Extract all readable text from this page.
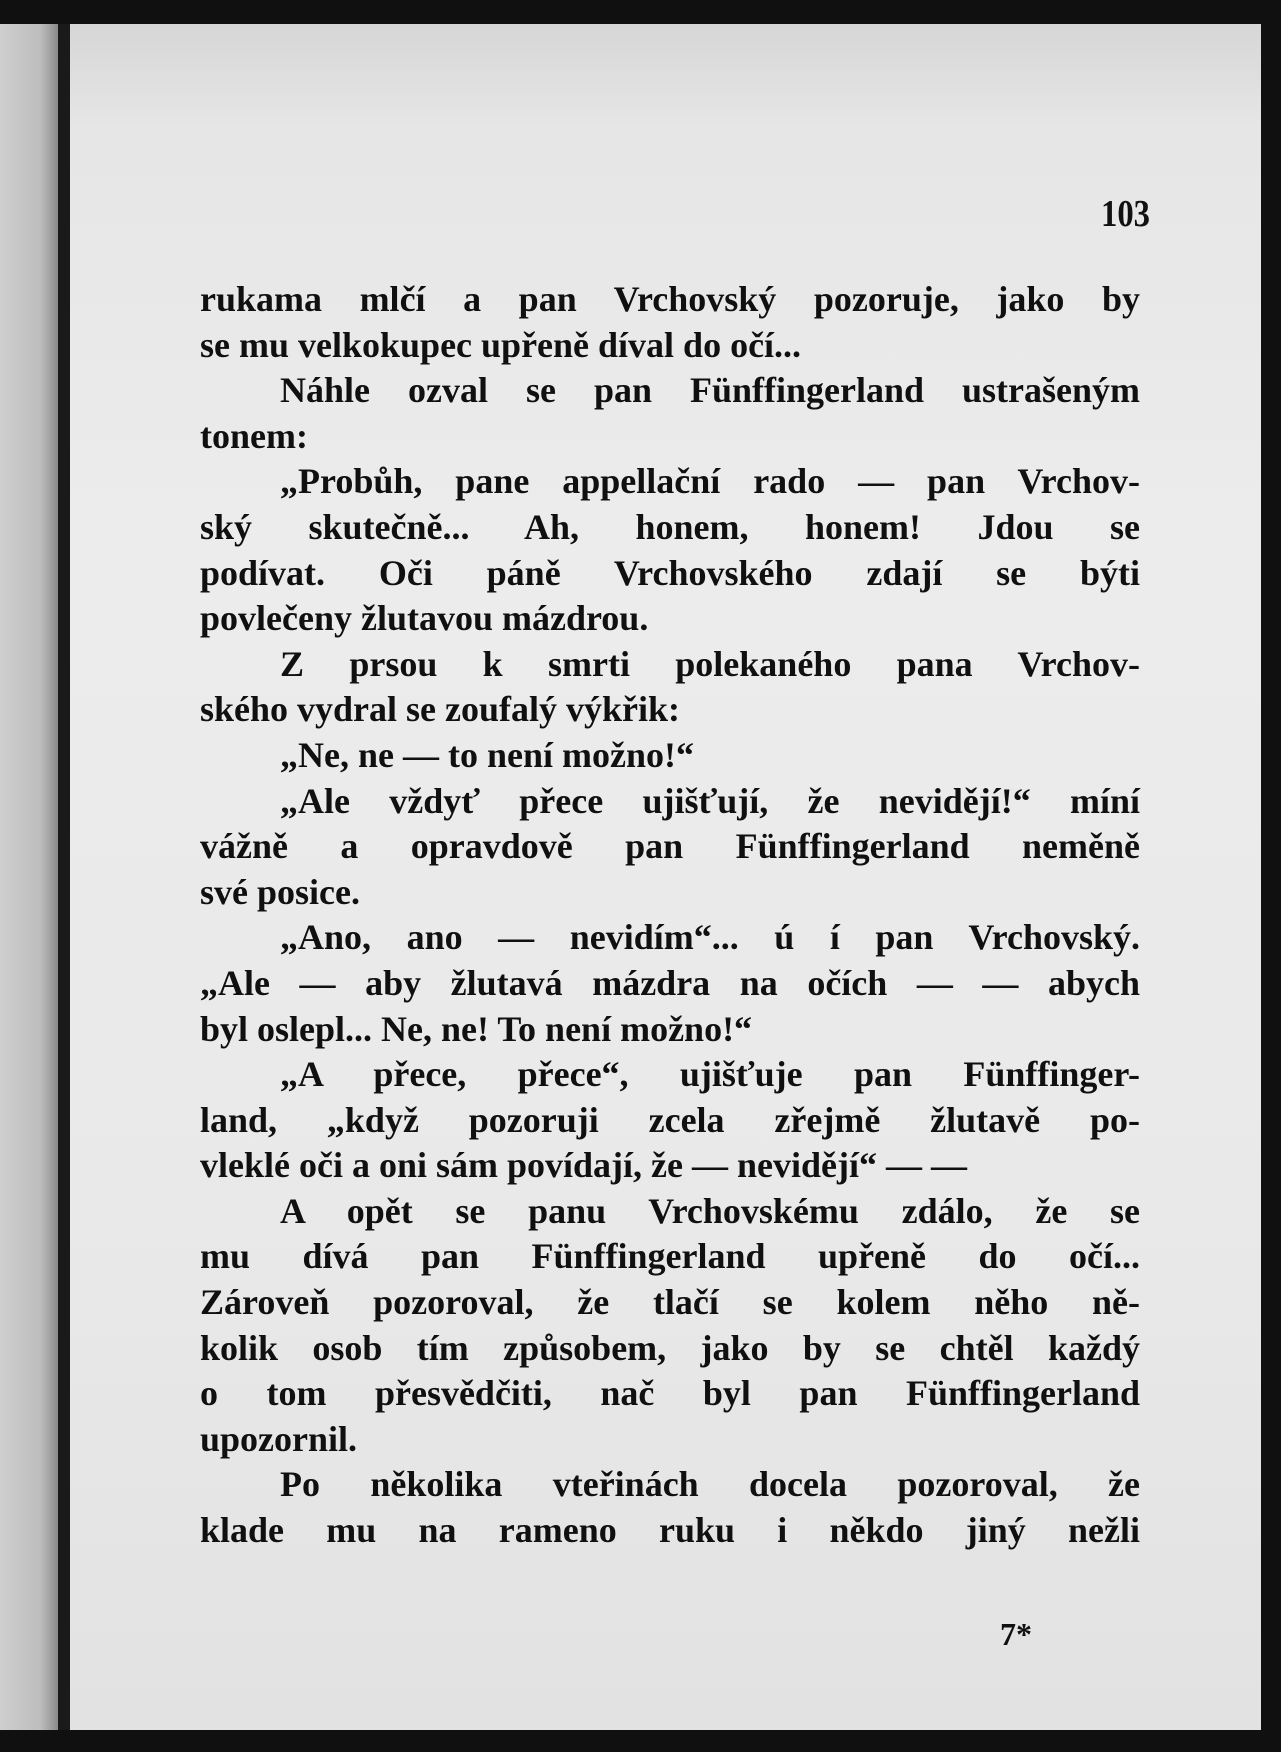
103
rukama mlčí a pan Vrchovský pozoruje, jako by
se mu velkokupec upřeně díval do očí...
Náhle ozval se pan Fünffingerland ustrašeným
tonem:
„Probůh, pane appellační rado — pan Vrchov-
ský skutečně... Ah, honem, honem! Jdou se
podívat. Oči páně Vrchovského zdají se býti
povlečeny žlutavou mázdrou.
Z prsou k smrti polekaného pana Vrchov-
ského vydral se zoufalý výkřik:
„Ne, ne — to není možno!“
„Ale vždyť přece ujišťují, že nevidějí!“ míní
vážně a opravdově pan Fünffingerland neměně
své posice.
„Ano, ano — nevidím“... ú í pan Vrchovský.
„Ale — aby žlutavá mázdra na očích — — abych
byl oslepl... Ne, ne! To není možno!“
„A přece, přece“, ujišťuje pan Fünffinger-
land, „když pozoruji zcela zřejmě žlutavě po-
vleklé oči a oni sám povídají, že — nevidějí“ — —
A opět se panu Vrchovskému zdálo, že se
mu dívá pan Fünffingerland upřeně do očí...
Zároveň pozoroval, že tlačí se kolem něho ně-
kolik osob tím způsobem, jako by se chtěl každý
o tom přesvědčiti, nač byl pan Fünffingerland
upozornil.
Po několika vteřinách docela pozoroval, že
klade mu na rameno ruku i někdo jiný nežli
7*
